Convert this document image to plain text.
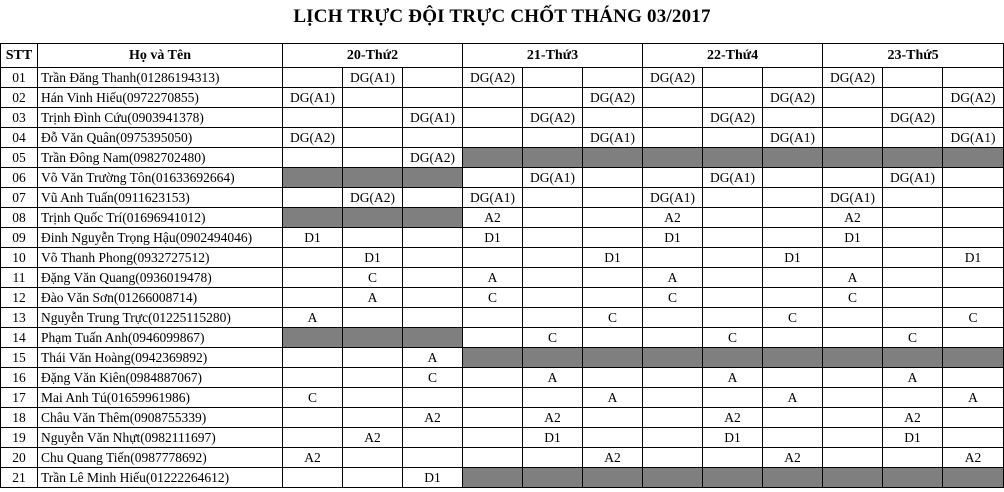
LỊCH TRỰC ĐỘI TRỰC CHỐT THÁNG 03/2017
STT	Họ và Tên	20-Thứ2			21-Thứ3			22-Thứ4			23-Thứ5		
01	Trần Đăng Thanh(01286194313)		DG(A1)		DG(A2)			DG(A2)			DG(A2)		
02	Hán Vinh Hiếu(0972270855)	DG(A1)					DG(A2)			DG(A2)			DG(A2)
03	Trịnh Đình Cứu(0903941378)			DG(A1)		DG(A2)			DG(A2)			DG(A2)	
04	Đỗ Văn Quân(0975395050)	DG(A2)					DG(A1)			DG(A1)			DG(A1)
05	Trần Đông Nam(0982702480)			DG(A2)									
06	Võ Văn Trường Tôn(01633692664)					DG(A1)			DG(A1)			DG(A1)	
07	Vũ Anh Tuấn(0911623153)		DG(A2)		DG(A1)			DG(A1)			DG(A1)		
08	Trịnh Quốc Trí(01696941012)				A2			A2			A2		
09	Đinh Nguyễn Trọng Hậu(0902494046)	D1			D1			D1			D1		
10	Võ Thanh Phong(0932727512)		D1				D1			D1			D1
11	Đặng Văn Quang(0936019478)		C		A			A			A		
12	Đào Văn Sơn(01266008714)		A		C			C			C		
13	Nguyễn Trung Trực(01225115280)	A					C			C			C
14	Phạm Tuấn Anh(0946099867)					C			C			C	
15	Thái Văn Hoàng(0942369892)			A									
16	Đặng Văn Kiên(0984887067)			C		A			A			A	
17	Mai Anh Tú(01659961986)	C					A			A			A
18	Châu Văn Thêm(0908755339)			A2		A2			A2			A2	
19	Nguyễn Văn Nhựt(0982111697)		A2			D1			D1			D1	
20	Chu Quang Tiến(0987778692)	A2					A2			A2			A2
21	Trần Lê Minh Hiếu(01222264612)			D1									
